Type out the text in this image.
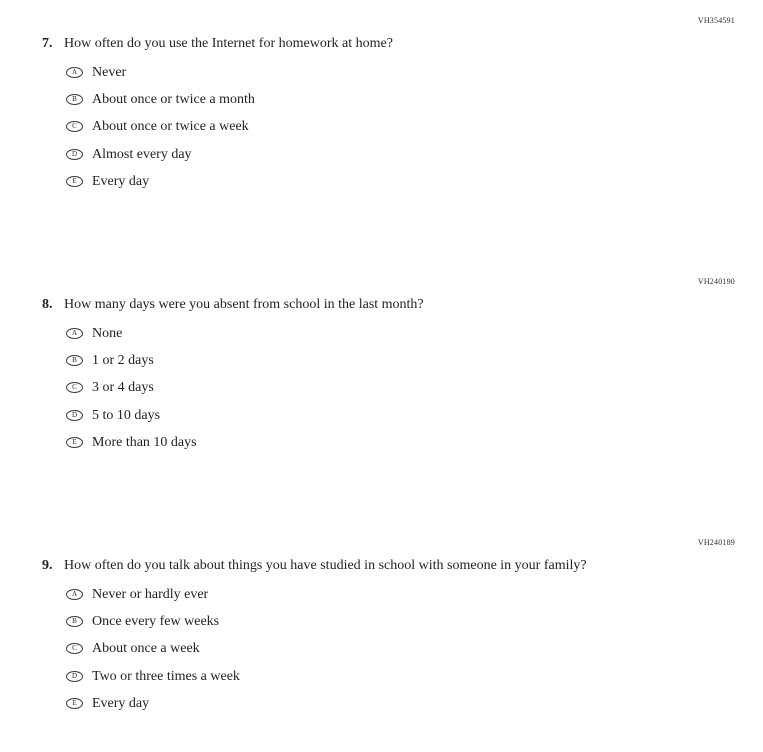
VH354591
7. How often do you use the Internet for homework at home?
A Never
B About once or twice a month
C About once or twice a week
D Almost every day
E Every day
VH240190
8. How many days were you absent from school in the last month?
A None
B 1 or 2 days
C 3 or 4 days
D 5 to 10 days
E More than 10 days
VH240189
9. How often do you talk about things you have studied in school with someone in your family?
A Never or hardly ever
B Once every few weeks
C About once a week
D Two or three times a week
E Every day
